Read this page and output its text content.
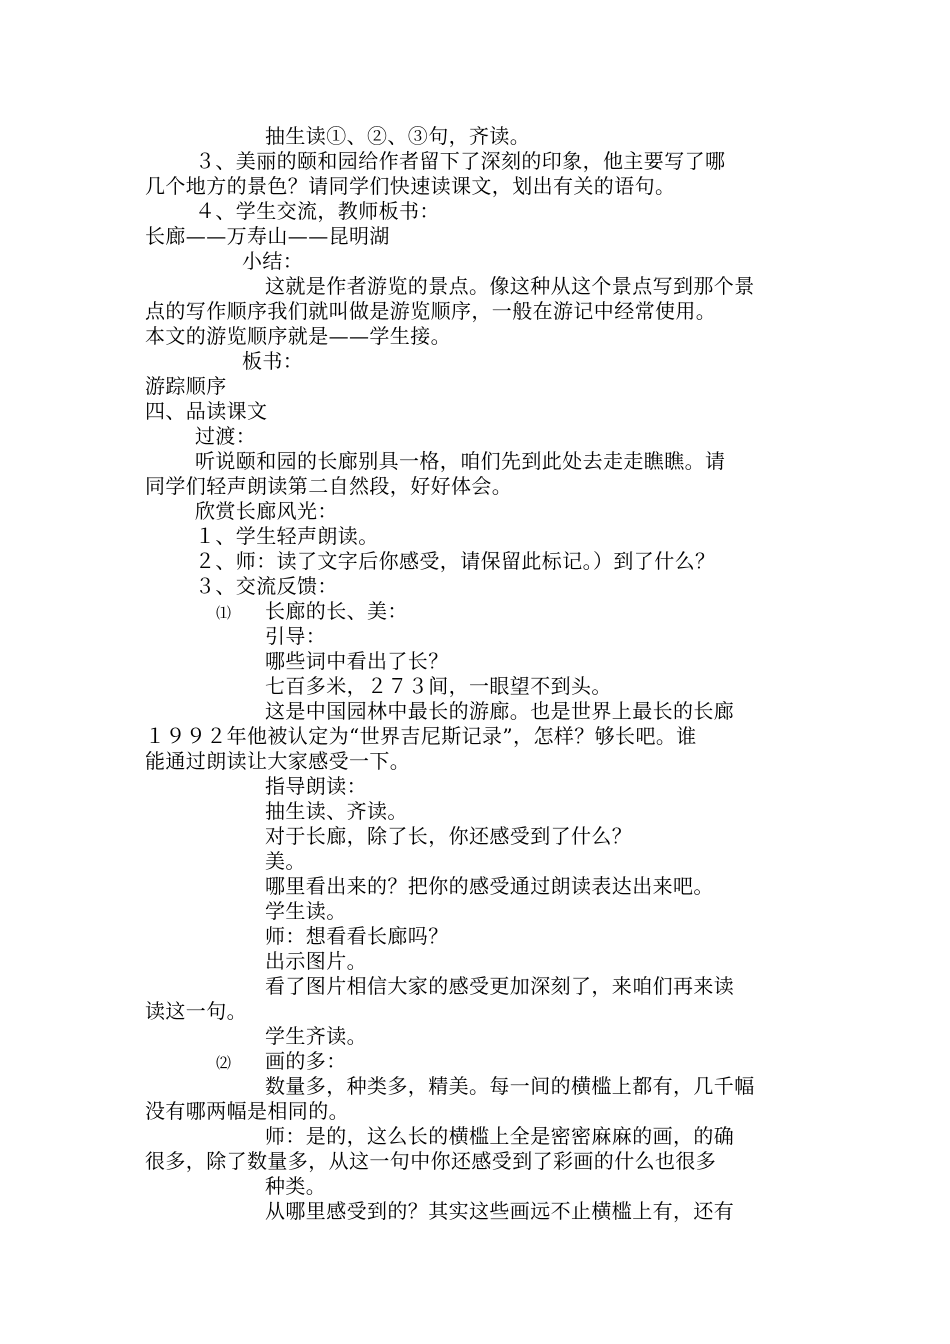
抽生读①、②、③句，齐读。
３、美丽的颐和园给作者留下了深刻的印象，他主要写了哪
几个地方的景色？请同学们快速读课文，划出有关的语句。
４、学生交流，教师板书：
长廊——万寿山——昆明湖
小结：
这就是作者游览的景点。像这种从这个景点写到那个景
点的写作顺序我们就叫做是游览顺序，一般在游记中经常使用。
本文的游览顺序就是——学生接。
板书：
游踪顺序
四、品读课文
过渡：
听说颐和园的长廊别具一格，咱们先到此处去走走瞧瞧。请
同学们轻声朗读第二自然段，好好体会。
欣赏长廊风光：
１、学生轻声朗读。
２、师：读了文字后你感受，请保留此标记。）到了什么？
３、交流反馈：
⑴ 长廊的长、美：
引导：
哪些词中看出了长？
七百多米，２７３间，一眼望不到头。
这是中国园林中最长的游廊。也是世界上最长的长廊
１９９２年他被认定为“世界吉尼斯记录”，怎样？够长吧。谁
能通过朗读让大家感受一下。
指导朗读：
抽生读、齐读。
对于长廊，除了长，你还感受到了什么？
美。
哪里看出来的？把你的感受通过朗读表达出来吧。
学生读。
师：想看看长廊吗？
出示图片。
看了图片相信大家的感受更加深刻了，来咱们再来读
读这一句。
学生齐读。
⑵ 画的多：
数量多，种类多，精美。每一间的横槛上都有，几千幅
没有哪两幅是相同的。
师：是的，这么长的横槛上全是密密麻麻的画，的确
很多，除了数量多，从这一句中你还感受到了彩画的什么也很多
种类。
从哪里感受到的？其实这些画远不止横槛上有，还有
